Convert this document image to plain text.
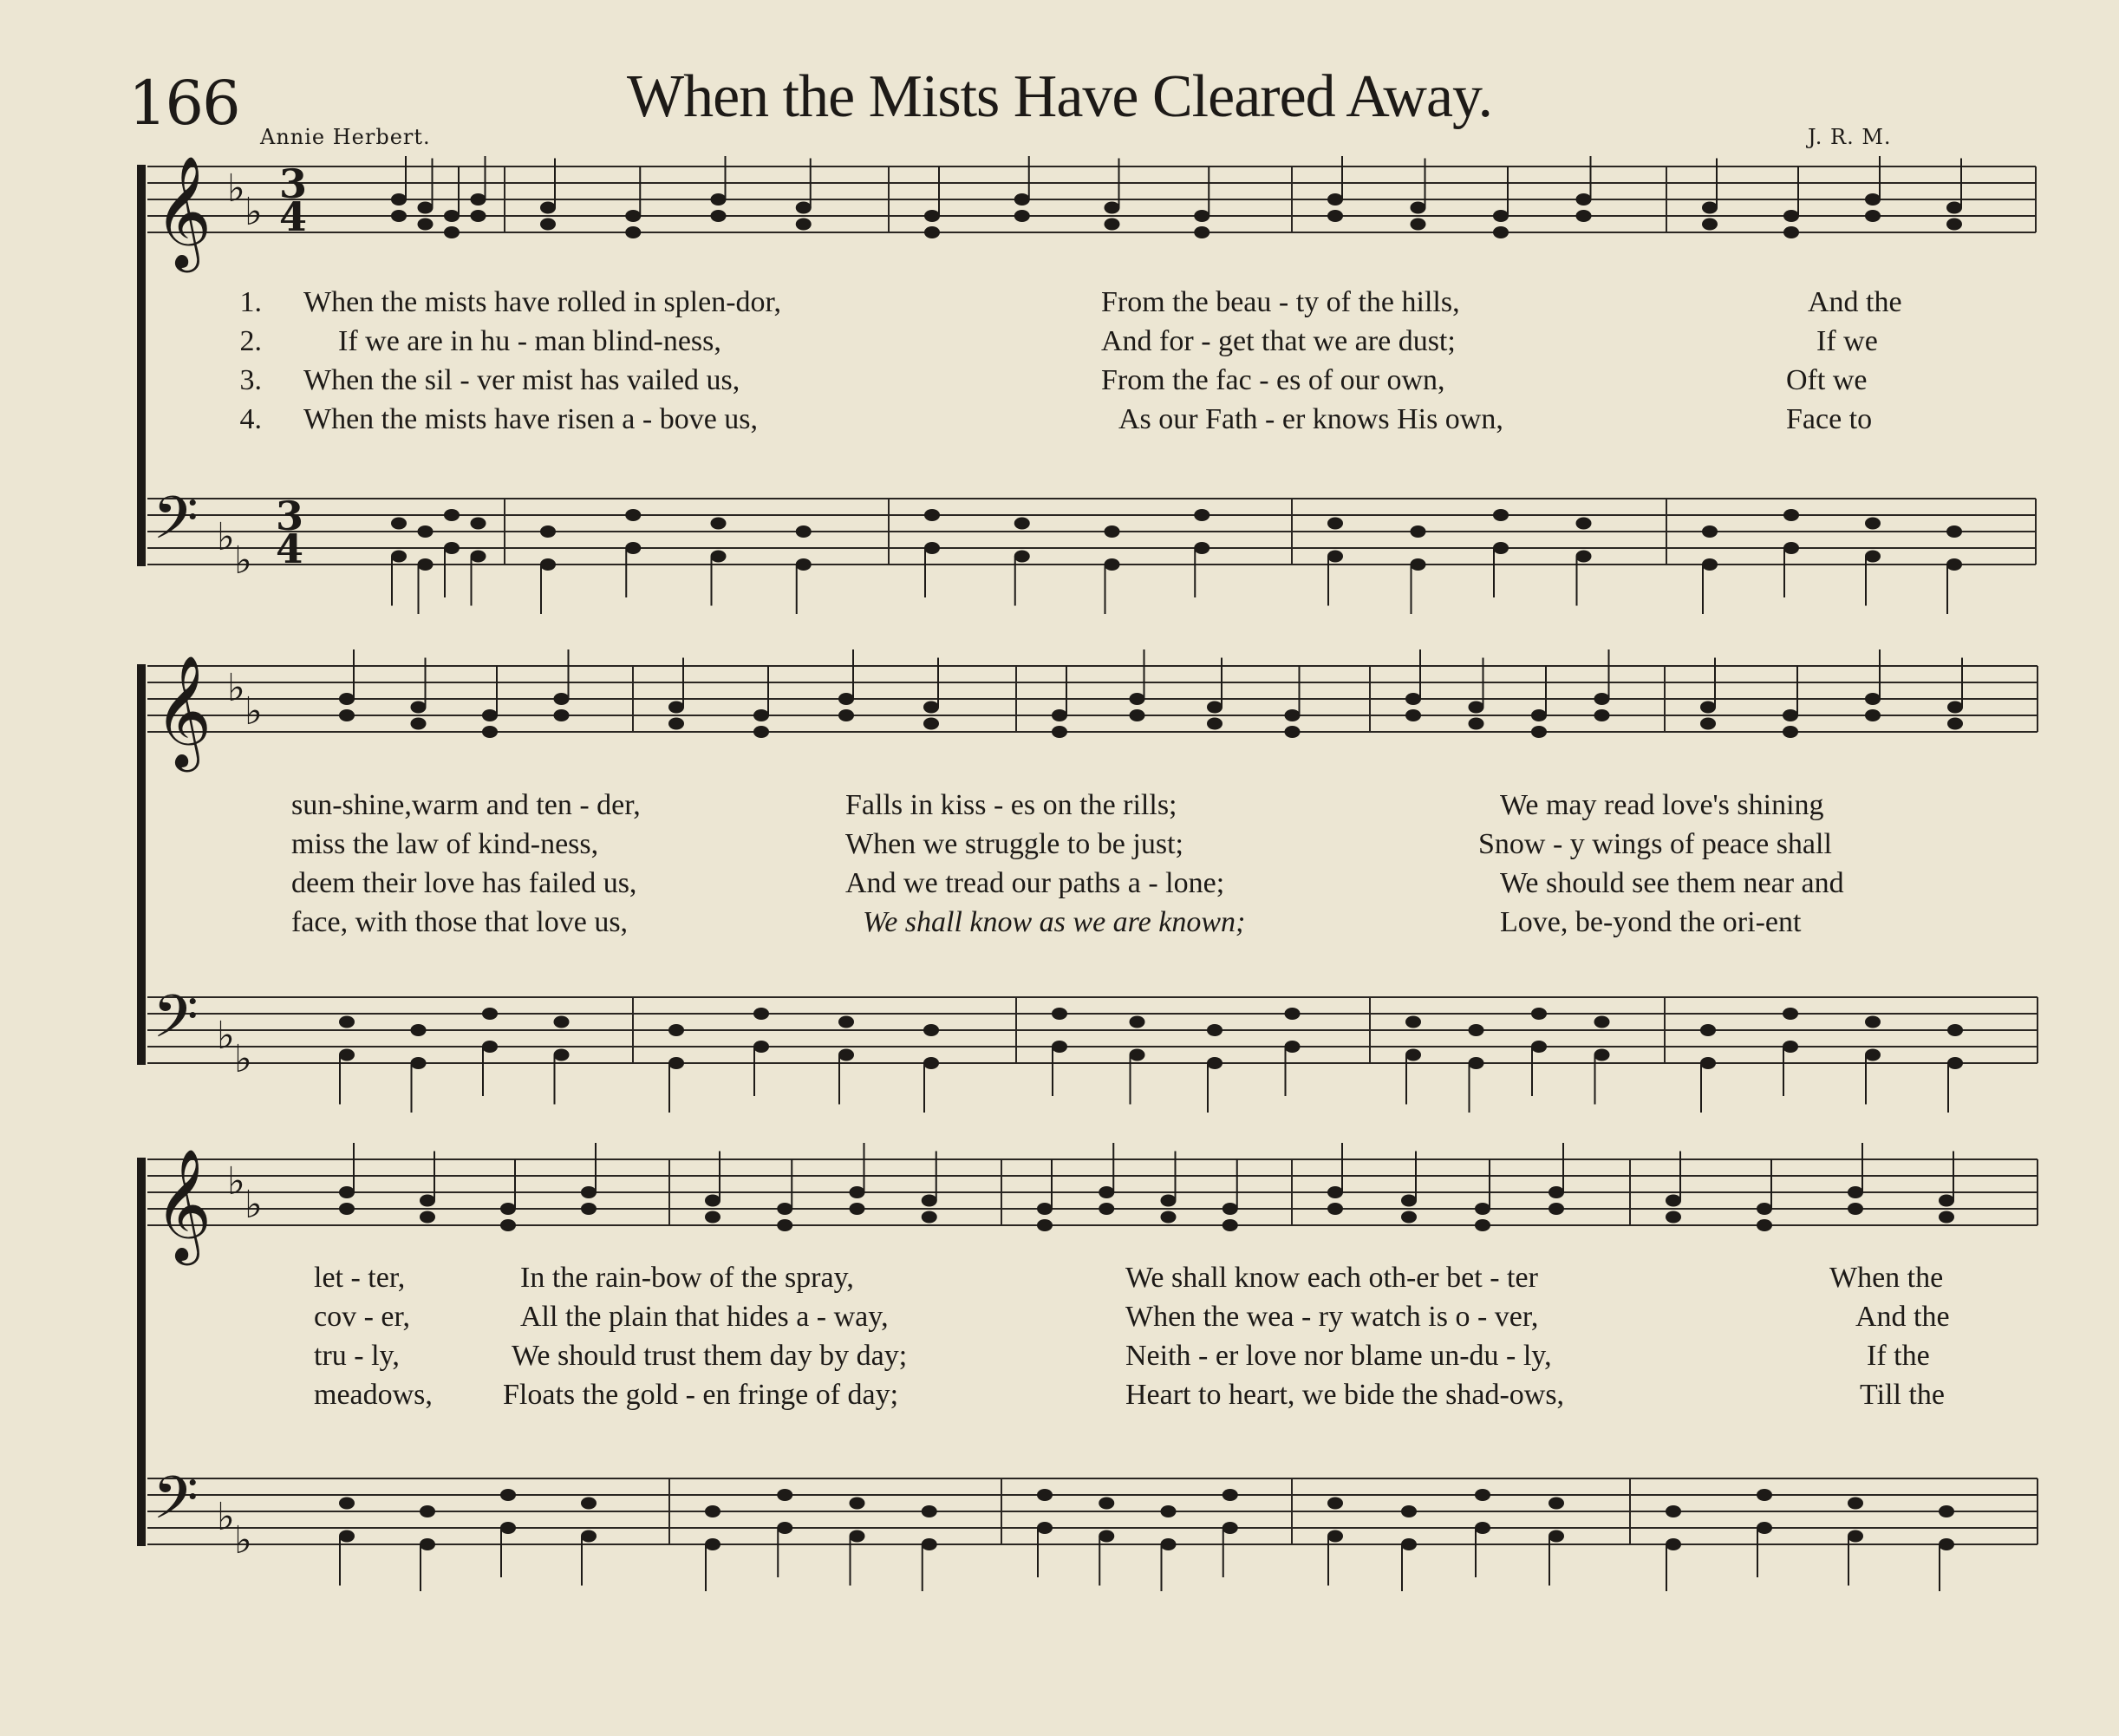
166	When the Mists Have Cleared Away.
Annie Herbert.	J. R. M.
𝄞
𝄢
♭
♭
♭
♭
3
4
3
4
1. When the mists have rolled in splen-dor,	From the beau - ty of the hills,	And the
2.	If we are in hu - man blind-ness,	And for - get that we are dust;	If we
3. When the sil - ver mist has vailed us,	From the fac - es of our own,	Oft we
4. When the mists have risen a - bove us,	As our Fath - er knows His own,	Face to
𝄞
𝄢
♭
♭
♭
♭
sun-shine,warm and ten - der,	Falls in kiss - es on the rills;	We may read love's shining
miss the law of kind-ness,	When we struggle to be just;	Snow - y wings of peace shall
deem their love has failed us,	And we tread our paths a - lone;	We should see them near and
face, with those that love us,	We shall know as we are known;	Love, be-yond the ori-ent
𝄞
𝄢
♭
♭
♭
♭
let - ter,	In the rain-bow of the spray,	We shall know each oth-er bet - ter	When the
cov - er,	All the plain that hides a - way,	When the wea - ry watch is o - ver,	And the
tru - ly,	We should trust them day by day;	Neith - er love nor blame un-du - ly,	If the
meadows, Floats the gold - en fringe of day;	Heart to heart, we bide the shad-ows,	Till the
